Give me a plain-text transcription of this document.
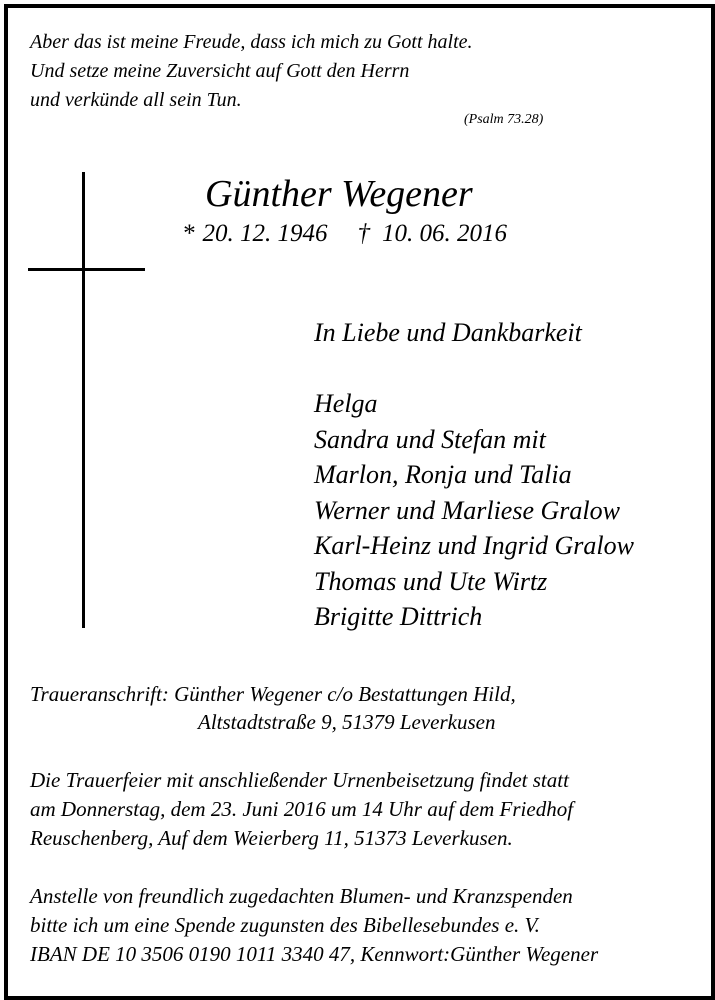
Aber das ist meine Freude, dass ich mich zu Gott halte.
Und setze meine Zuversicht auf Gott den Herrn
und verkünde all sein Tun.
(Psalm 73.28)
Günther Wegener
* 20. 12. 1946 † 10. 06. 2016
In Liebe und Dankbarkeit
Helga
Sandra und Stefan mit
Marlon, Ronja und Talia
Werner und Marliese Gralow
Karl-Heinz und Ingrid Gralow
Thomas und Ute Wirtz
Brigitte Dittrich
Traueranschrift: Günther Wegener c/o Bestattungen Hild,
Altstadtstraße 9, 51379 Leverkusen
Die Trauerfeier mit anschließender Urnenbeisetzung findet statt
am Donnerstag, dem 23. Juni 2016 um 14 Uhr auf dem Friedhof
Reuschenberg, Auf dem Weierberg 11, 51373 Leverkusen.
Anstelle von freundlich zugedachten Blumen- und Kranzspenden
bitte ich um eine Spende zugunsten des Bibellesebundes e. V.
IBAN DE 10 3506 0190 1011 3340 47, Kennwort:Günther Wegener
